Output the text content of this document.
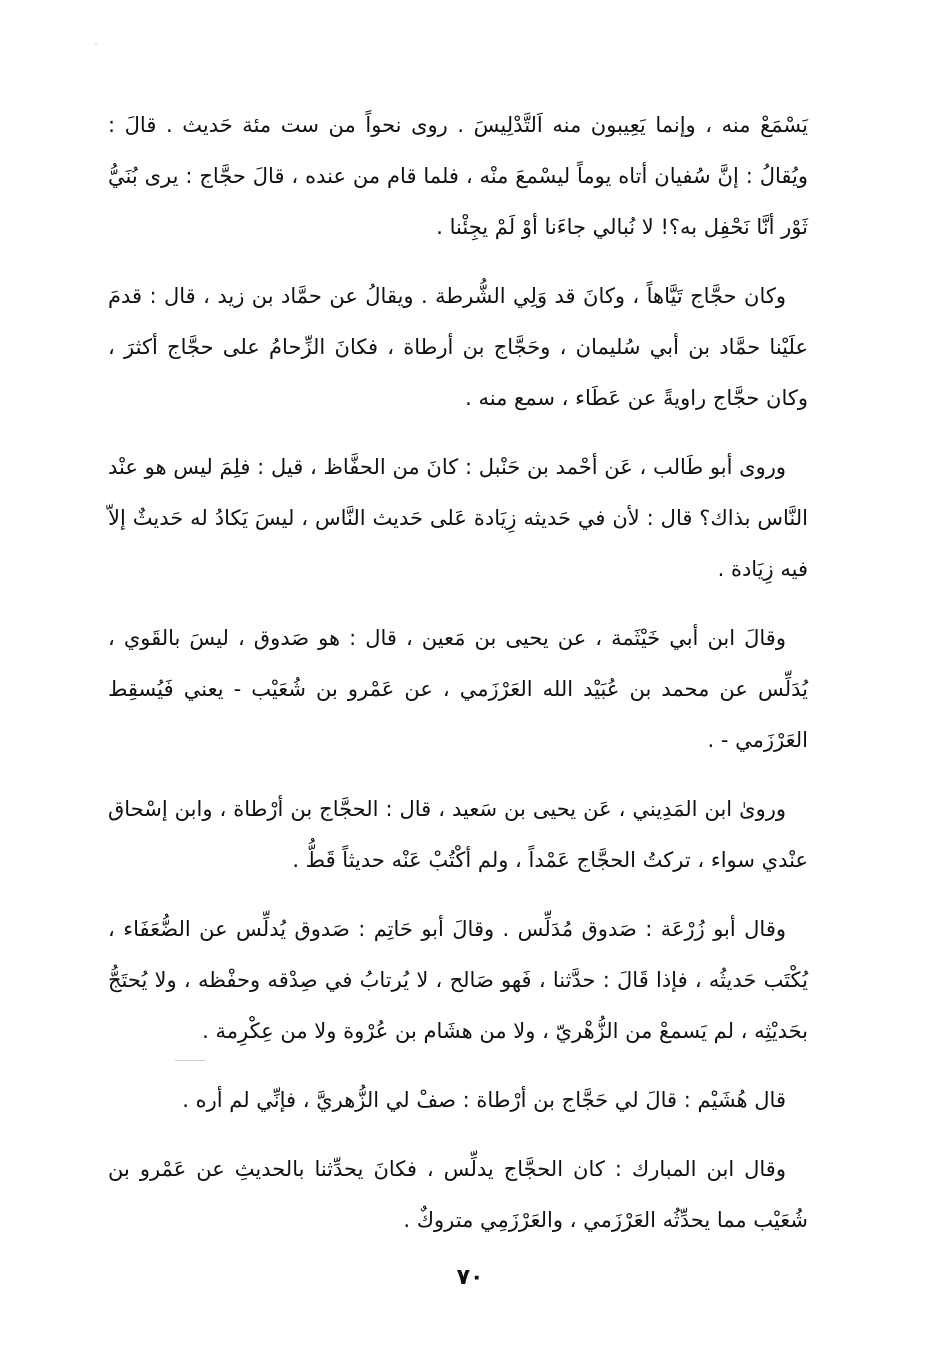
يَسْمَعْ منه ، وإنما يَعِيبون منه اَلتَّدْلِيسَ . روى نحواً من ست مئة حَديث . قالَ : ويُقالُ : إنَّ سُفيان أتاه يوماً ليسْمعَ منْه ، فلما قام من عنده ، قالَ حجَّاج : يرى بُنَيُّ ثَوْر أنَّا نَحْفِل به؟! لا نُبالي جاءَنا أوْ لَمْ يجِئْنا .

وكان حجَّاج تَيَّاهاً ، وكانَ قد وَلِي الشُّرطة . ويقالُ عن حمَّاد بن زيد ، قال : قدمَ علَيْنا حمَّاد بن أبي سُليمان ، وحَجَّاج بن أرطاة ، فكانَ الزِّحامُ على حجَّاج أكثرَ ، وكان حجَّاج راويةً عن عَطَاء ، سمع منه .

وروى أبو طَالب ، عَن أحْمد بن حَنْبل : كانَ من الحفَّاظ ، قيل : فلِمَ ليس هو عنْد النَّاس بذاك؟ قال : لأن في حَديثه زِيَادة عَلى حَديث النَّاس ، ليسَ يَكادُ له حَديثٌ إلاّ فيه زِيَادة .

وقالَ ابن أبي خَيْثَمة ، عن يحيى بن مَعين ، قال : هو صَدوق ، ليسَ بالقَوي ، يُدَلِّس عن محمد بن عُبَيْد الله العَرْزَمي ، عن عَمْرو بن شُعَيْب - يعني فَيُسقِط العَرْزَمي - .

وروىٰ ابن المَدِيني ، عَن يحيى بن سَعيد ، قال : الحجَّاج بن أرْطاة ، وابن إسْحاق عنْدي سواء ، تركتُ الحجَّاج عَمْداً ، ولم أكْتُبْ عَنْه حديثاً قَطُّ .

وقال أبو زُرْعَة : صَدوق مُدَلِّس . وقالَ أبو حَاتِم : صَدوق يُدلِّس عن الضُّعَفَاء ، يُكْتَب حَديثُه ، فإذا قَالَ : حدَّثنا ، فَهو صَالح ، لا يُرتابُ في صِدْقه وحفْظه ، ولا يُحتَجُّ بحَديْثِه ، لم يَسمعْ من الزُّهْريّ ، ولا من هشَام بن عُرْوة ولا من عِكْرِمة .

قال هُشَيْم : قالَ لي حَجَّاج بن أرْطاة : صفْ لي الزُّهريَّ ، فإنِّي لم أره .

وقال ابن المبارك : كان الحجَّاج يدلِّس ، فكانَ يحدِّثنا بالحديثِ عن عَمْرو بن شُعَيْب مما يحدِّثُه العَرْزَمي ، والعَرْزَمِي متروكٌ .

٧٠
